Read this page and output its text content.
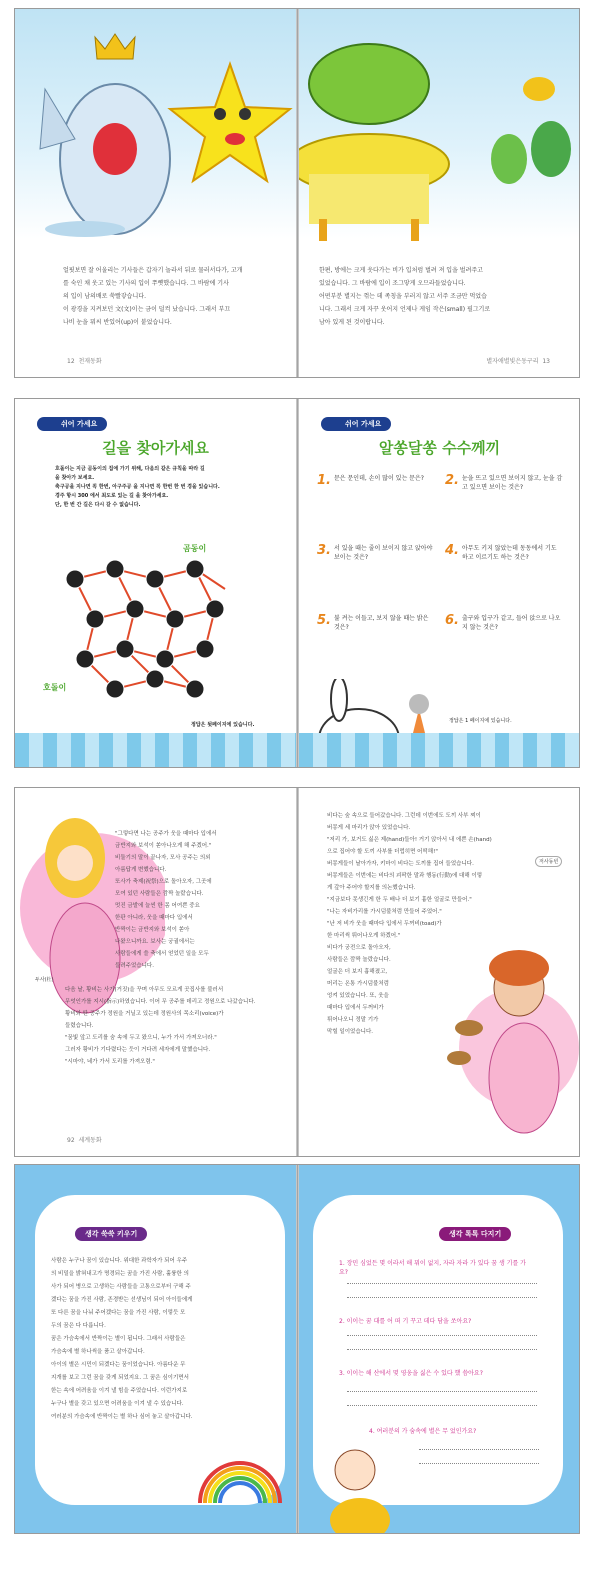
얼핏보면 잘 어울리는 기사들은 갑자기 놀라서 뒤로 물러서다가, 고개

를 숙인 채 웃고 있는 기사의 입이 쭈뼛했습니다. 그 바람에 기사

의 입이 남의배로 쑥빨갛습니다.

이 광경을 지켜보던 文(文)이는 금이 덜컥 났습니다. 그래서 부끄

나비 눈을 뭐씨 반있어(up)이 붙었습니다.

12 천재동화

한편, 방에는 크게 웃다가는 비가 입처럼 벌려 져 입을 벌려주고

있었습니다. 그 바람에 입이 조그맣게 오므라들었습니다.

어떤부분 별지는 꺾는 데 족칭을 부러지 않고 서주 조금만 먹었습

니다. 그래서 크게 자꾸 웃어지 언제나 게임 작은(small) 필그기로

남아 있게 된 것이랍니다.

별자애별빛은동구리 13
쉬어 가세요
길을 찾아가세요

호돌이는 지금 곰동이의 집에 가기 위해, 다음의 같은 규칙을 따라 길

을 찾아가 보세요.

축구공을 지나면 꼭 한번, 아구주공 을 지나면 꼭 한번 한 번 경을 있습니다.

경주 항시 300 에서 최도로 있는 길 을 찾아가세요.

단, 한 번 간 길은 다시 갈 수 없습니다.

곰동이
호돌이
정답은 뒷페이지에 있습니다.
쉬어 가세요
알쏭달쏭 수수께끼
1. 문은 문인데, 손이 많이 있는 문은?	2. 눈을 뜨고 있으면 보이지 않고, 눈을 감고 있으면 보이는 것은?
3. 서 있을 때는 줄이 보이지 않고 앉아야 보이는 것은?	4. 아무도 키지 않았는데 동동에서 기도 하고 이르기도 하는 것은?
5. 불 켜는 이들고, 보지 않을 때는 밝은 것은?	6. 출구와 입구가 같고, 들어 앉으로 나오지 않는 것은?
정답은 1 페이지에 있습니다.
두사(杜)

"그렇다면 나는 공주가 웃을 때마다 입에서

금반지와 보석이 쏟아나오게 해 주겠어."

비둘기의 말이 끝나자, 모사 공주는 의외

아름답게 변했습니다.

또사가 축제(祝祭)으로 돌아오자, 그곳에

모여 있던 사람들은 깜짝 놀랐습니다.

멋진 금발에 늘씬 한 몸 어여쁜 중요

한판 아니라, 웃을 때마다 입에서

반짝이는 금반지와 보석이 쏟아

나왔으니까요. 보사는 궁궐에서는

사람들에게 쓸 축에서 얻었던 일을 모두

들려주었습니다.

다음 날, 황비는 사기(거짓)을 꾸며 아무도 모르게 곳집사를 불러서

무엇인가를 지시(指示)하였습니다. 이어 무 공주를 데리고 정원으로 나갔습니다.

황비와 딴 공주가 정원을 거닐고 있는데 정원사의 목소리(voice)가

들렸습니다.

"꿈빛 앞고 도리를 숨 속에 두고 왔으니, 누가 가서 가져오너라."

그러자 황비가 기다렸다는 듯이 거다려 세자에게 말했습니다.

"시마야, 네가 가서 도리를 가져오렴."

92 세계동화

비다는 숲 속으로 들어갔습니다. 그런데 이번에도 도끼 사부 찌이

버몽게 세 마리가 앉아 있었습니다.

"저리 가, 보거도 싫은 제(hand)들아! 거기 앉아서 내 에쁜 손(hand)

으로 집어야 할 도끼 사부를 더럽히면 어떡해!"

버몽게들이 날아가자, 키마이 비다는 도끼를 집어 들었습니다.

버몽게들은 이번에는 비다의 괴팍한 말과 행동(行動)에 대해 이렇

게 갚아 주어야 할지를 의논했습니다.

"지금보다 못생긴게 한 두 배나 더 보기 흉한 얼굴로 만들어."

"나는 자비가리를 가시덤불처럼 만들어 주었어."

"난 저 비가 웃을 때마다 입에서 두꺼비(toad)가

한 마리씩 튀어나오게 하겠어."

비다가 궁전으로 돌아오자,

사람들은 깜짝 놀랐습니다.

얼굴은 더 보지 흉해졌고,

머리는 온통 가시덤불처럼

엉켜 있었습니다. 또, 웃을

때마다 입에서 두꺼비가

튀어나오니 정말 기가

막힐 일이었습니다.

저사동빈
생각 쑥쑥 키우기

사람은 누구나 꿈이 있습니다. 위대한 과학자가 되어 우주

의 비밀을 밝혀내고가 명경되는 꿈을 가진 사람, 훌륭한 의

사가 되어 병으로 고생하는 사람들을 고통으로부터 구해 주

겠다는 꿈을 가진 사람, 존경받는 선생님이 되어 아이들에게

또 다른 꿈을 나눠 주어겠다는 꿈을 가진 사람, 이렇듯 모

두의 꿈은 다 다릅니다.

꿈은 가슴속에서 반짝이는 별이 됩니다. 그래서 사람들은

가슴속에 별 하나씩을 품고 살아갑니다.

아이의 별은 시민이 되겠다는 꿈이었습니다. 아름다운 무

지개를 보고 그런 꿈을 갖게 되었지요. 그 꿈은 심이기면서

한는 속에 어려움을 이겨 낼 힘을 주었습니다. 이런가지로

누구나 별을 갖고 있으면 어려움을 이겨 낼 수 있습니다.

여러분의 가슴속에 반짝이는 별 하나 심어 놓고 살아갑니다.

생각 톡톡 다지기
1. 장민 심었든 몇 이라서 해 뭐이 없지, 자라 자라 가 있다 꿈 생 기를 가요?
2. 이이는 꿈 대를 어 떠 기 꾸고 데다 담을 쏘아요?
3. 이이는 해 산에서 몇 영웅을 싫은 수 있다 했 씀아요?
4. 여러분의 가 숨속에 별은 무 었인가요?
